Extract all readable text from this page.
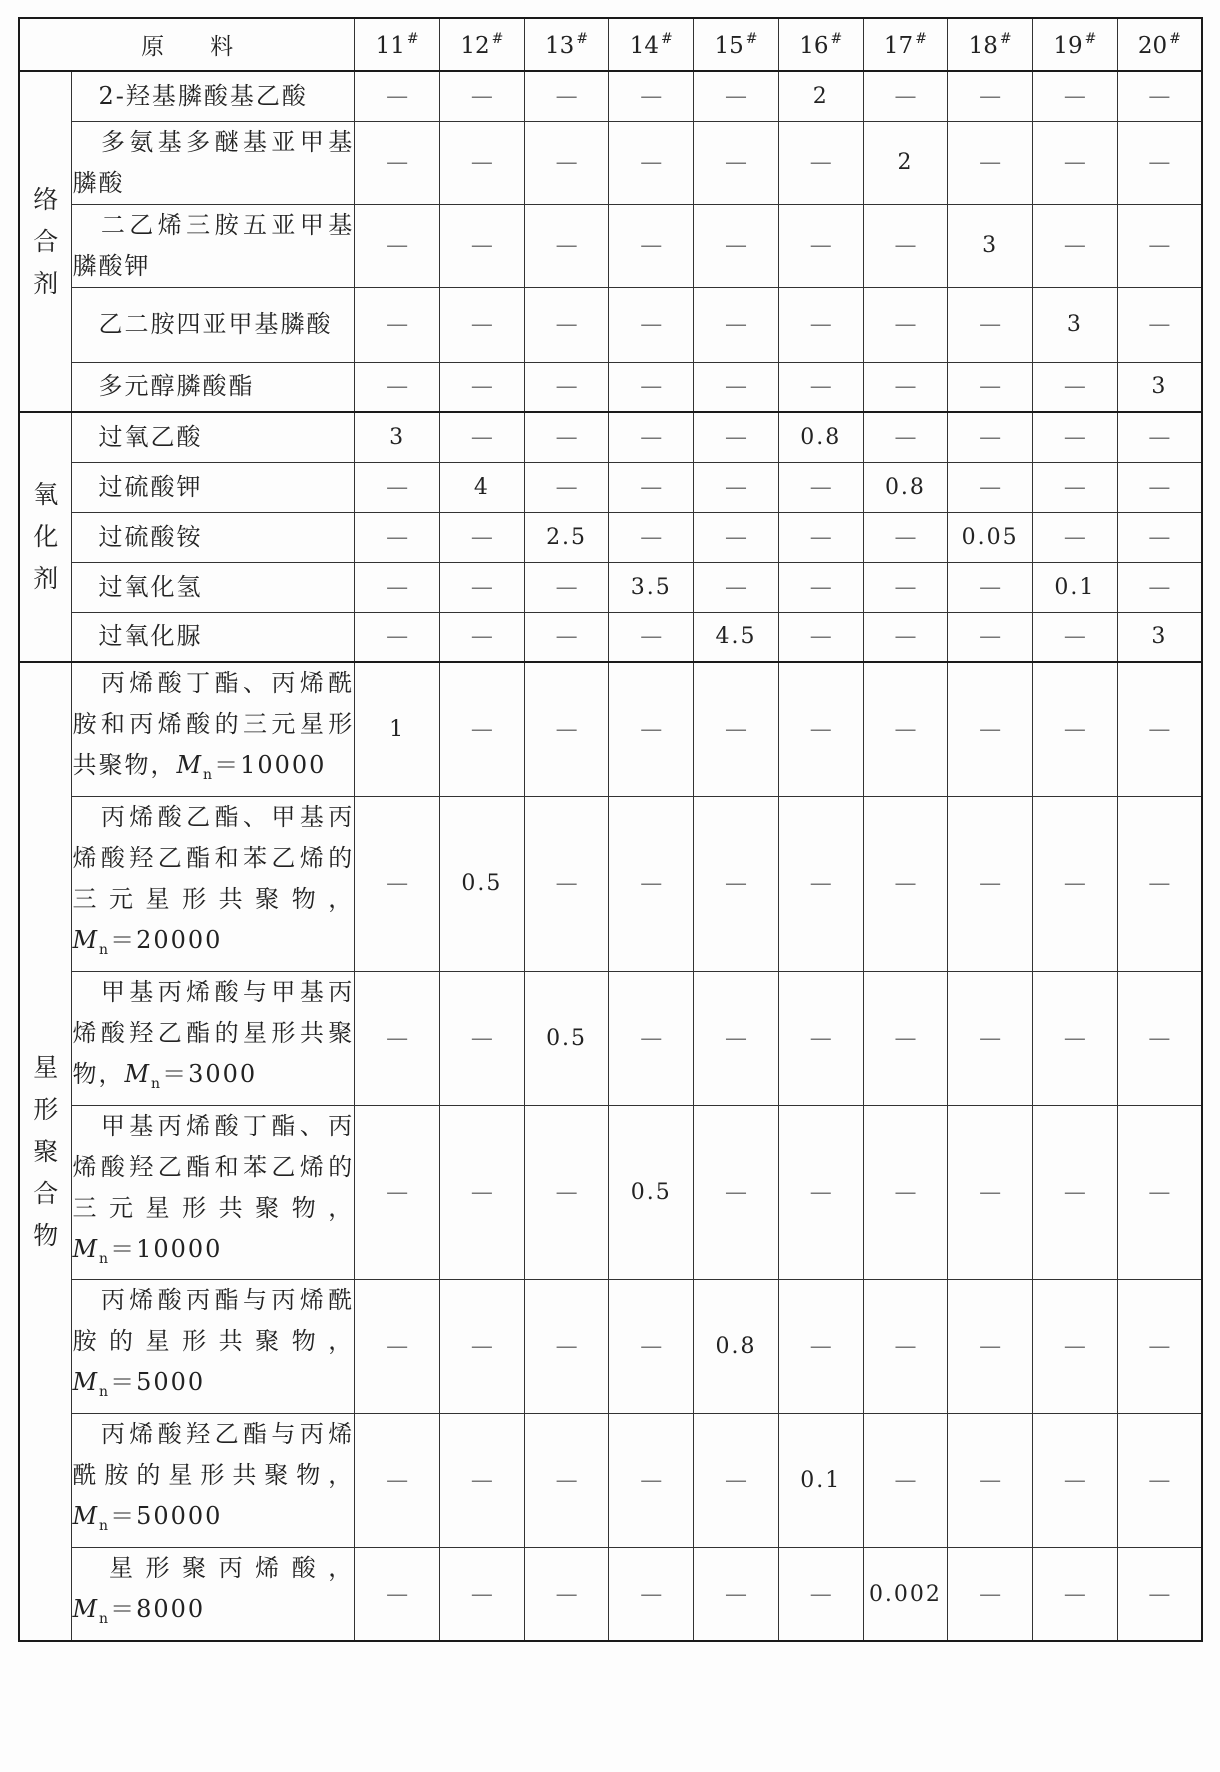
原 料		11 #	12 #	13 #	14 #	15 #	16 #	17 #	18 #	19 #	20 #
络合剂	2-羟基膦酸基乙酸	—	—	—	—	—	2	—	—	—	—
	多氨基多醚基亚甲基膦酸	—	—	—	—	—	—	2	—	—	—
	二乙烯三胺五亚甲基膦酸钾	—	—	—	—	—	—	—	3	—	—
	乙二胺四亚甲基膦酸	—	—	—	—	—	—	—	—	3	—
	多元醇膦酸酯	—	—	—	—	—	—	—	—	—	3
氧化剂	过氧乙酸	3	—	—	—	—	0.8	—	—	—	—
	过硫酸钾	—	4	—	—	—	—	0.8	—	—	—
	过硫酸铵	—	—	2.5	—	—	—	—	0.05	—	—
	过氧化氢	—	—	—	3.5	—	—	—	—	0.1	—
	过氧化脲	—	—	—	—	4.5	—	—	—	—	3
星形聚合物	丙烯酸丁酯、丙烯酰胺和丙烯酸的三元星形共聚物，$M_n=10000$	1	—	—	—	—	—	—	—	—	—
	丙烯酸乙酯、甲基丙烯酸羟乙酯和苯乙烯的三元星形共聚物，$M_n=20000$	—	0.5	—	—	—	—	—	—	—	—
	甲基丙烯酸与甲基丙烯酸羟乙酯的星形共聚物，$M_n=3000$	—	—	0.5	—	—	—	—	—	—	—
	甲基丙烯酸丁酯、丙烯酸羟乙酯和苯乙烯的三元星形共聚物，$M_n=10000$	—	—	—	0.5	—	—	—	—	—	—
	丙烯酸丙酯与丙烯酰胺的星形共聚物，$M_n=5000$	—	—	—	—	0.8	—	—	—	—	—
	丙烯酸羟乙酯与丙烯酰胺的星形共聚物，$M_n=50000$	—	—	—	—	—	0.1	—	—	—	—
	星形聚丙烯酸，$M_n=8000$	—	—	—	—	—	—	0.002	—	—	—
